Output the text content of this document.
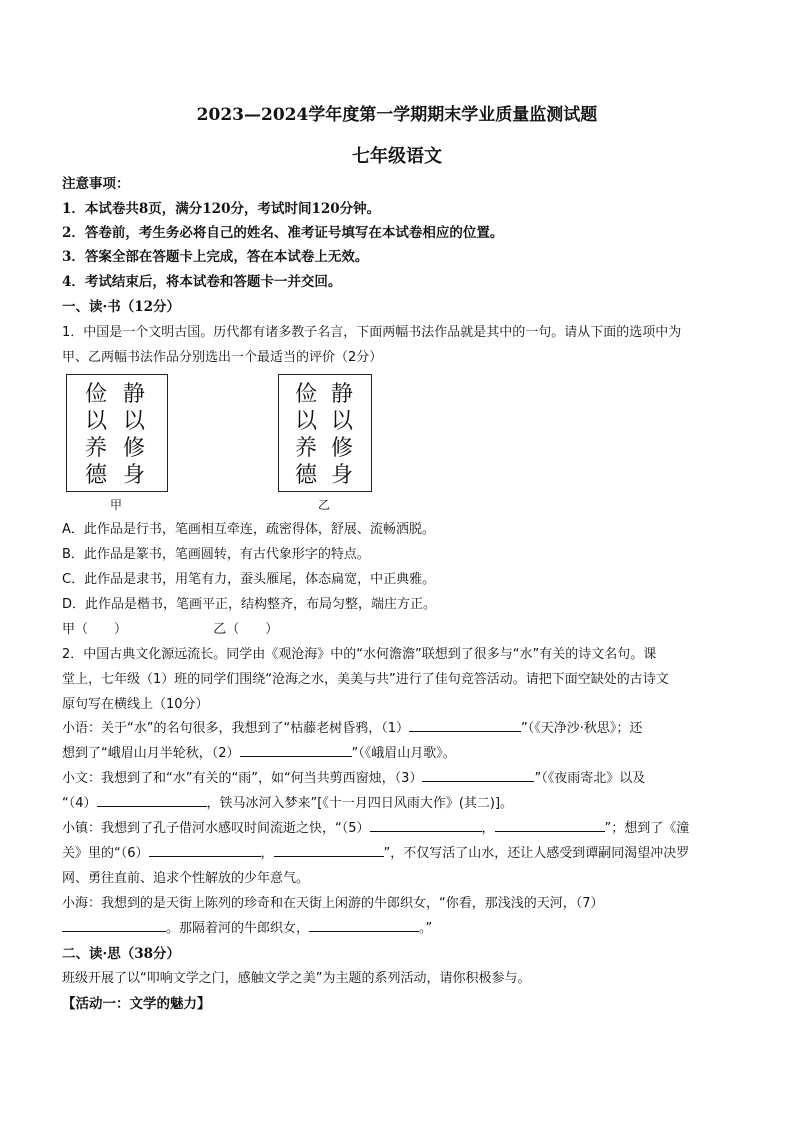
2023—2024学年度第一学期期末学业质量监测试题
七年级语文
注意事项：
1．本试卷共8页，满分120分，考试时间120分钟。
2．答卷前，考生务必将自己的姓名、准考证号填写在本试卷相应的位置。
3．答案全部在答题卡上完成，答在本试卷上无效。
4．考试结束后，将本试卷和答题卡一并交回。
一、读·书（12分）
1．中国是一个文明古国。历代都有诸多教子名言，下面两幅书法作品就是其中的一句。请从下面的选项中为
甲、乙两幅书法作品分别选出一个最适当的评价（2分）
静
以
修
身
俭
以
养
德
甲
静
以
修
身
俭
以
养
德
乙
A．此作品是行书，笔画相互牵连，疏密得体，舒展、流畅洒脱。
B．此作品是篆书，笔画圆转，有古代象形字的特点。
C．此作品是隶书，用笔有力，蚕头雁尾，体态扁宽，中正典雅。
D．此作品是楷书，笔画平正，结构整齐，布局匀整，端庄方正。
甲（　　）	乙（　　）
2．中国古典文化源远流长。同学由《观沧海》中的“水何澹澹”联想到了很多与“水”有关的诗文名句。课
堂上，七年级（1）班的同学们围绕“沧海之水，美美与共”进行了佳句竞答活动。请把下面空缺处的古诗文
原句写在横线上（10分）
小语：关于“水”的名句很多，我想到了“枯藤老树昏鸦，（1）	”（《天净沙·秋思》；还
想到了“峨眉山月半轮秋，（2）	”（《峨眉山月歌》。
小文：我想到了和“水”有关的“雨”，如“何当共剪西窗烛，（3）	”（《夜雨寄北》以及
“（4）	，铁马冰河入梦来”[《十一月四日风雨大作》(其二)]。
小镇：我想到了孔子借河水感叹时间流逝之快，“（5）	，	”；想到了《潼
关》里的“（6）	，	”，不仅写活了山水，还让人感受到谭嗣同渴望冲决罗
网、勇往直前、追求个性解放的少年意气。
小海：我想到的是天街上陈列的珍奇和在天街上闲游的牛郎织女，“你看，那浅浅的天河，（7）
。那隔着河的牛郎织女，	。”
二、读·思（38分）
班级开展了以“叩响文学之门，感触文学之美”为主题的系列活动，请你积极参与。
【活动一：文学的魅力】
